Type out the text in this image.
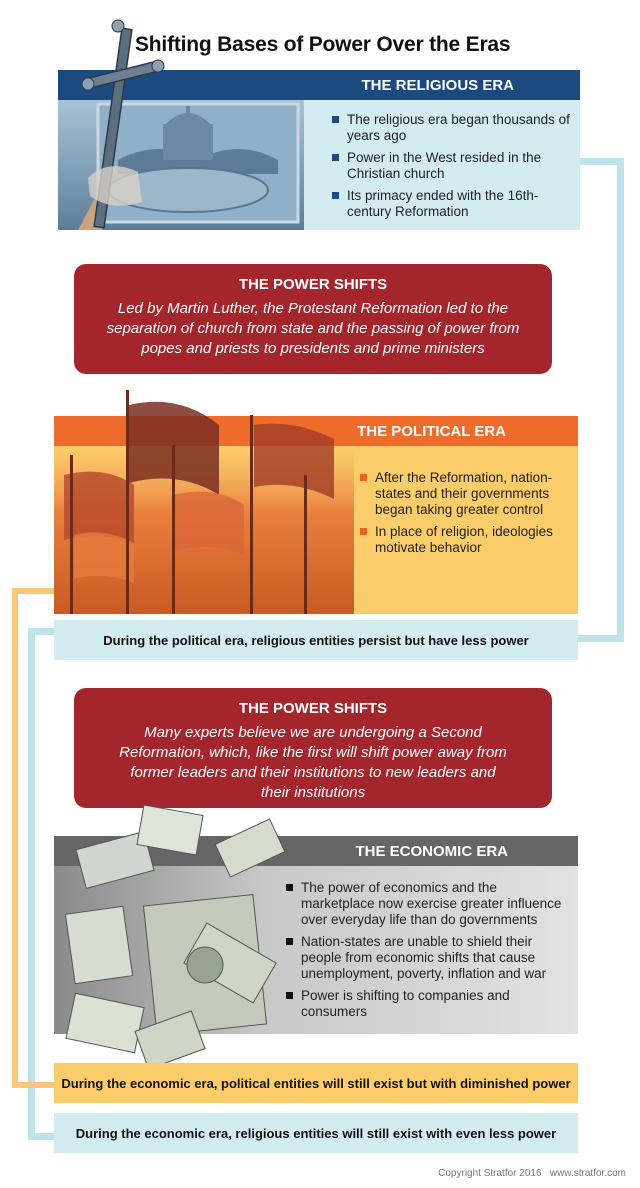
Shifting Bases of Power Over the Eras
THE RELIGIOUS ERA
The religious era began thousands of years ago
Power in the West resided in the Christian church
Its primacy ended with the 16th-century Reformation
THE POWER SHIFTS
Led by Martin Luther, the Protestant Reformation led to the separation of church from state and the passing of power from popes and priests to presidents and prime ministers
THE POLITICAL ERA
After the Reformation, nation-states and their governments began taking greater control
In place of religion, ideologies motivate behavior
During the political era, religious entities persist but have less power
THE POWER SHIFTS
Many experts believe we are undergoing a Second Reformation, which, like the first will shift power away from former leaders and their institutions to new leaders and their institutions
THE ECONOMIC ERA
The power of economics and the marketplace now exercise greater influence over everyday life than do governments
Nation-states are unable to shield their people from economic shifts that cause unemployment, poverty, inflation and war
Power is shifting to companies and consumers
During the economic era, political entities will still exist but with diminished power
During the economic era, religious entities will still exist with even less power
Copyright Stratfor 2016   www.stratfor.com
